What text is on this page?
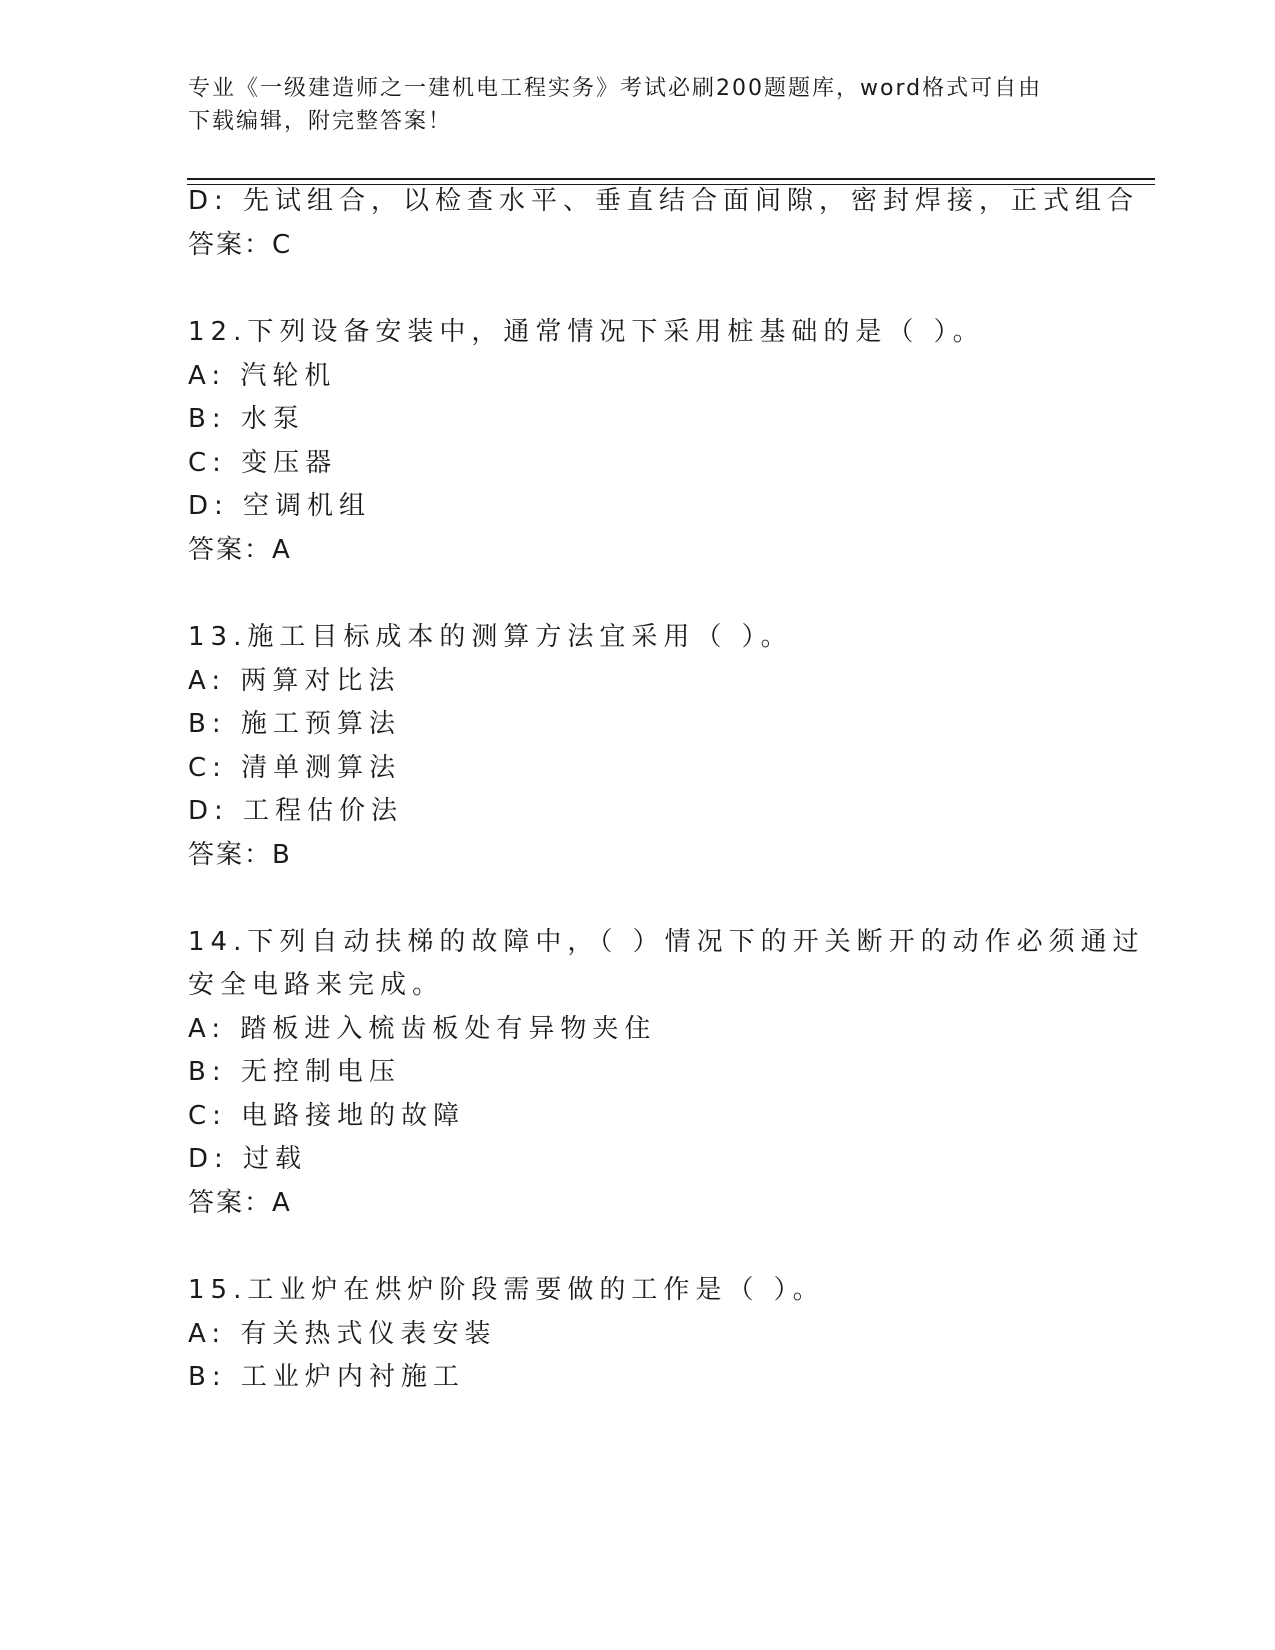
专业《一级建造师之一建机电工程实务》考试必刷200题题库，word格式可自由
下载编辑，附完整答案！
D: 先试组合，以检查水平、垂直结合面间隙，密封焊接，正式组合
答案：C
12.下列设备安装中，通常情况下采用桩基础的是（ ）。
A: 汽轮机
B: 水泵
C: 变压器
D: 空调机组
答案：A
13.施工目标成本的测算方法宜采用（ ）。
A: 两算对比法
B: 施工预算法
C: 清单测算法
D: 工程估价法
答案：B
14.下列自动扶梯的故障中，（ ）情况下的开关断开的动作必须通过
安全电路来完成。
A: 踏板进入梳齿板处有异物夹住
B: 无控制电压
C: 电路接地的故障
D: 过载
答案：A
15.工业炉在烘炉阶段需要做的工作是（ ）。
A: 有关热式仪表安装
B: 工业炉内衬施工
